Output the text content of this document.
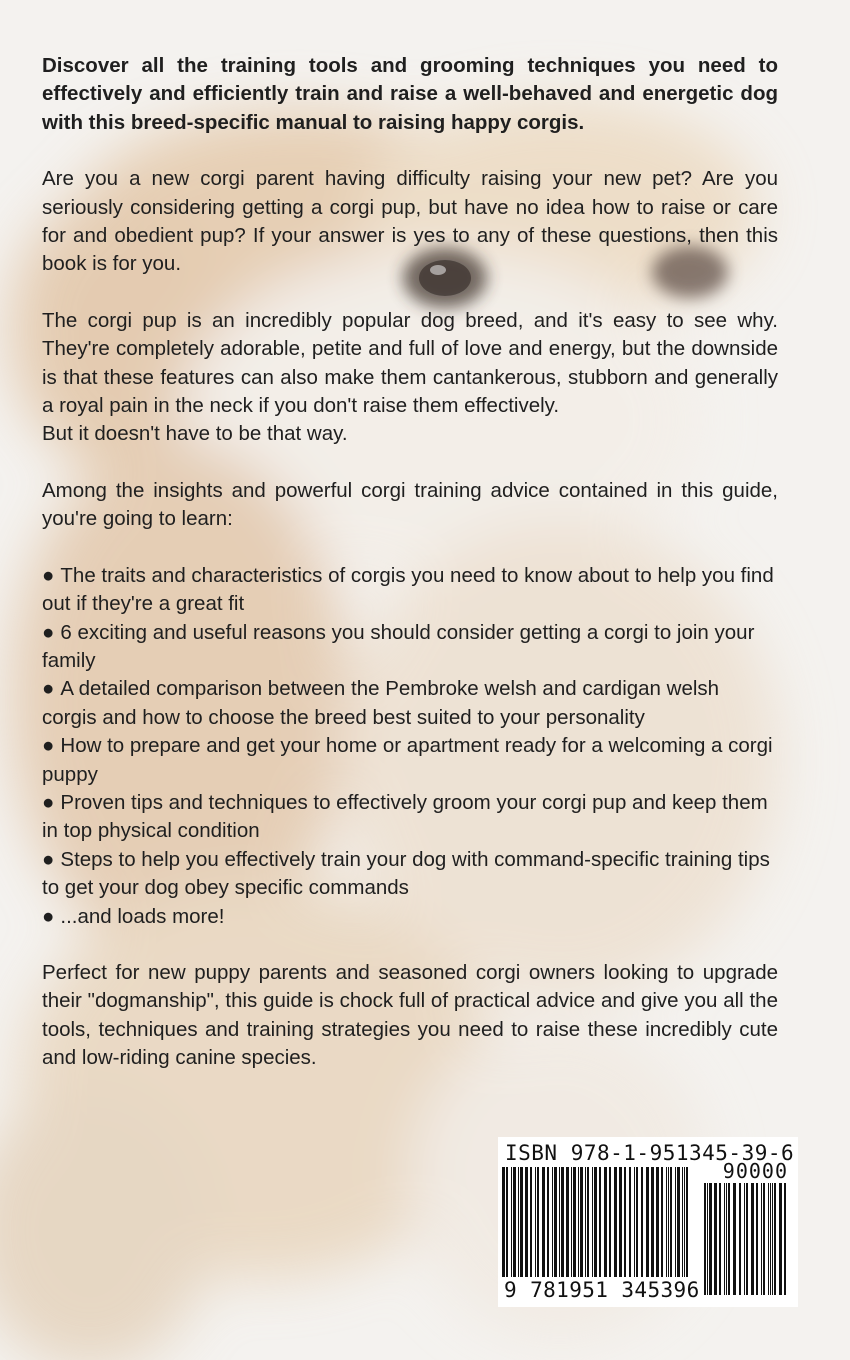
Discover all the training tools and grooming techniques you need to effectively and efficiently train and raise a well-behaved and energetic dog with this breed-specific manual to raising happy corgis.

Are you a new corgi parent having difficulty raising your new pet? Are you seriously considering getting a corgi pup, but have no idea how to raise or care for and obedient pup? If your answer is yes to any of these questions, then this book is for you.

The corgi pup is an incredibly popular dog breed, and it's easy to see why. They're completely adorable, petite and full of love and energy, but the downside is that these features can also make them cantankerous, stubborn and generally a royal pain in the neck if you don't raise them effectively.

But it doesn't have to be that way.

Among the insights and powerful corgi training advice contained in this guide, you're going to learn:

● The traits and characteristics of corgis you need to know about to help you find out if they're a great fit
● 6 exciting and useful reasons you should consider getting a corgi to join your family
● A detailed comparison between the Pembroke welsh and cardigan welsh corgis and how to choose the breed best suited to your personality
● How to prepare and get your home or apartment ready for a welcoming a corgi puppy
● Proven tips and techniques to effectively groom your corgi pup and keep them in top physical condition
● Steps to help you effectively train your dog with command-specific training tips to get your dog obey specific commands
● ...and loads more!

Perfect for new puppy parents and seasoned corgi owners looking to upgrade their "dogmanship", this guide is chock full of practical advice and give you all the tools, techniques and training strategies you need to raise these incredibly cute and low-riding canine species.

ISBN 978-1-951345-39-6
90000
9 781951 345396
